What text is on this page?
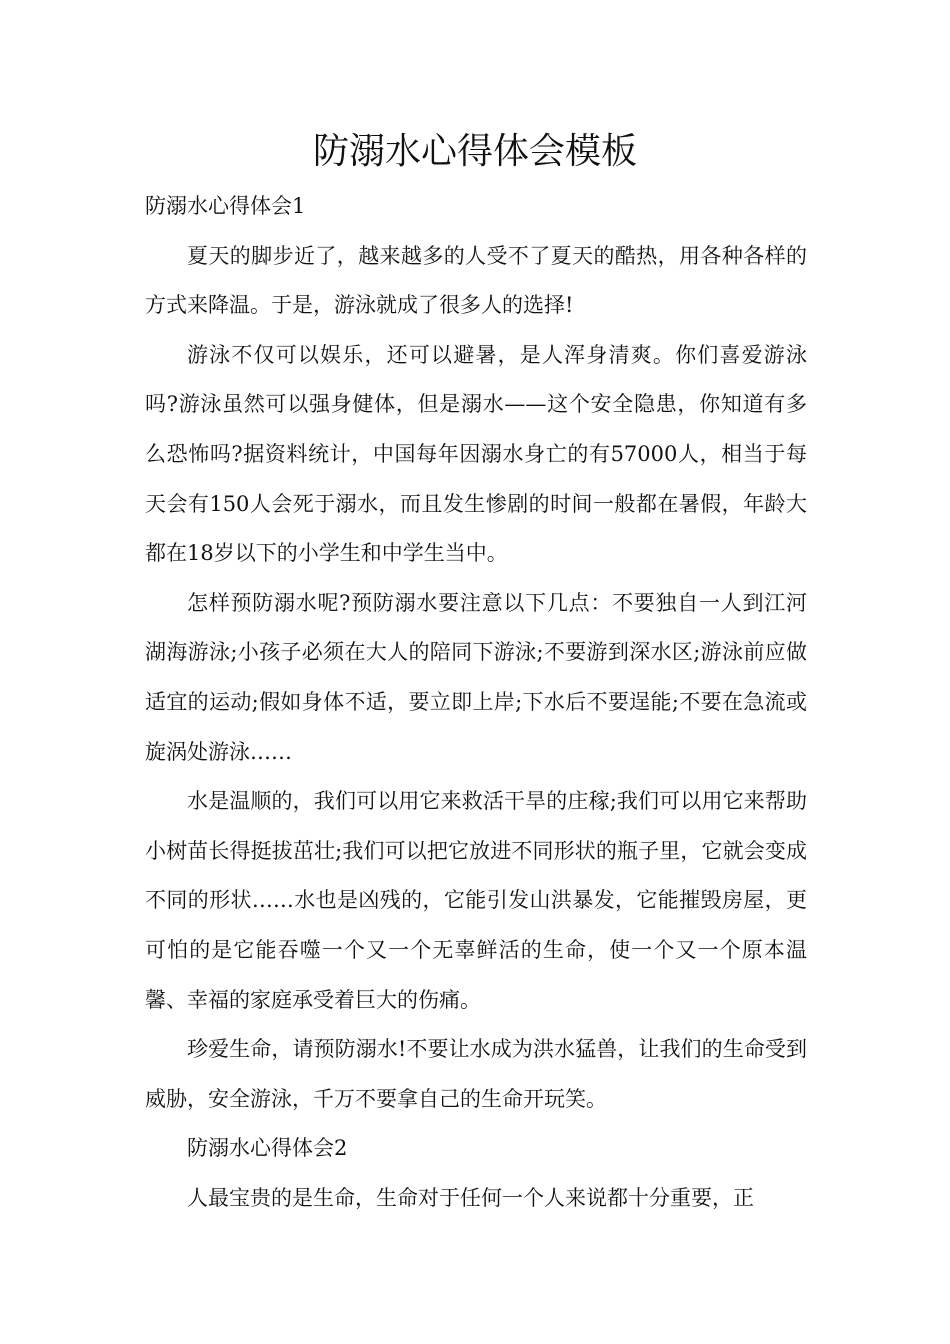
防溺水心得体会模板

防溺水心得体会1

夏天的脚步近了，越来越多的人受不了夏天的酷热，用各种各样的方式来降温。于是，游泳就成了很多人的选择!

游泳不仅可以娱乐，还可以避暑，是人浑身清爽。你们喜爱游泳吗?游泳虽然可以强身健体，但是溺水——这个安全隐患，你知道有多么恐怖吗?据资料统计，中国每年因溺水身亡的有57000人，相当于每天会有150人会死于溺水，而且发生惨剧的时间一般都在暑假，年龄大都在18岁以下的小学生和中学生当中。

怎样预防溺水呢?预防溺水要注意以下几点：不要独自一人到江河湖海游泳;小孩子必须在大人的陪同下游泳;不要游到深水区;游泳前应做适宜的运动;假如身体不适，要立即上岸;下水后不要逞能;不要在急流或旋涡处游泳……

水是温顺的，我们可以用它来救活干旱的庄稼;我们可以用它来帮助小树苗长得挺拔茁壮;我们可以把它放进不同形状的瓶子里，它就会变成不同的形状……水也是凶残的，它能引发山洪暴发，它能摧毁房屋，更可怕的是它能吞噬一个又一个无辜鲜活的生命，使一个又一个原本温馨、幸福的家庭承受着巨大的伤痛。

珍爱生命，请预防溺水!不要让水成为洪水猛兽，让我们的生命受到威胁，安全游泳，千万不要拿自己的生命开玩笑。

防溺水心得体会2

人最宝贵的是生命，生命对于任何一个人来说都十分重要，正
